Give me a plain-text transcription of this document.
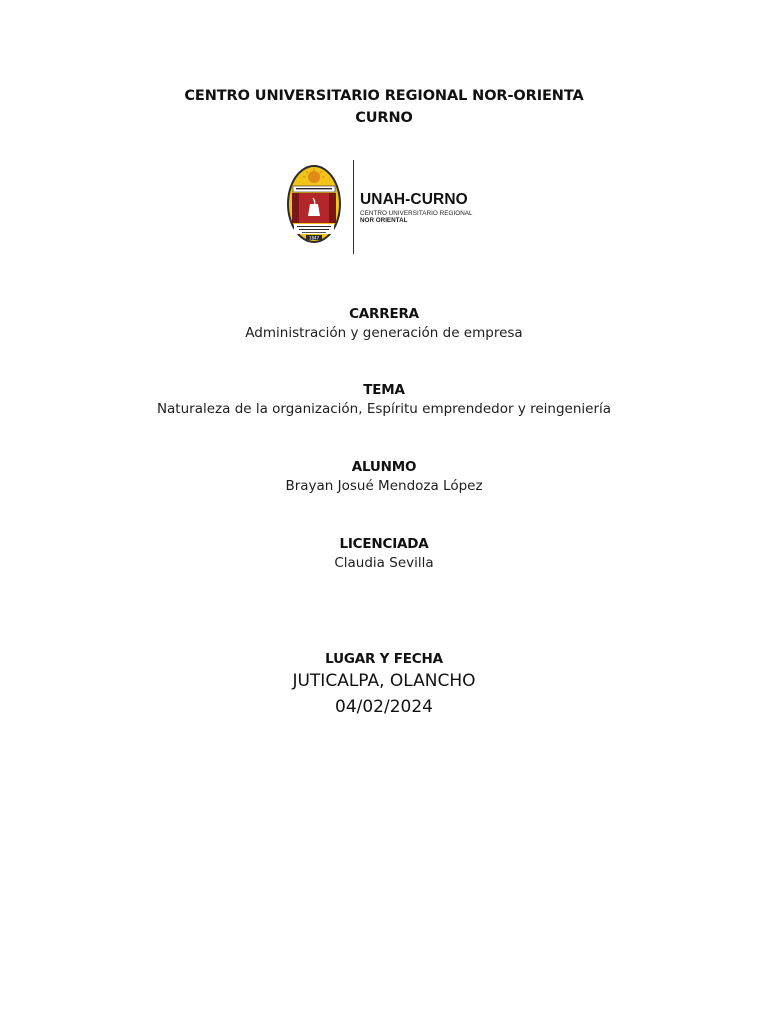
CENTRO UNIVERSITARIO REGIONAL NOR-ORIENTA
CURNO
1847
UNAH-CURNO
CENTRO UNIVERSITARIO REGIONAL
NOR ORIENTAL
CARRERA
Administración y generación de empresa
TEMA
Naturaleza de la organización, Espíritu emprendedor y reingeniería
ALUNMO
Brayan Josué Mendoza López
LICENCIADA
Claudia Sevilla
LUGAR Y FECHA
JUTICALPA, OLANCHO
04/02/2024
